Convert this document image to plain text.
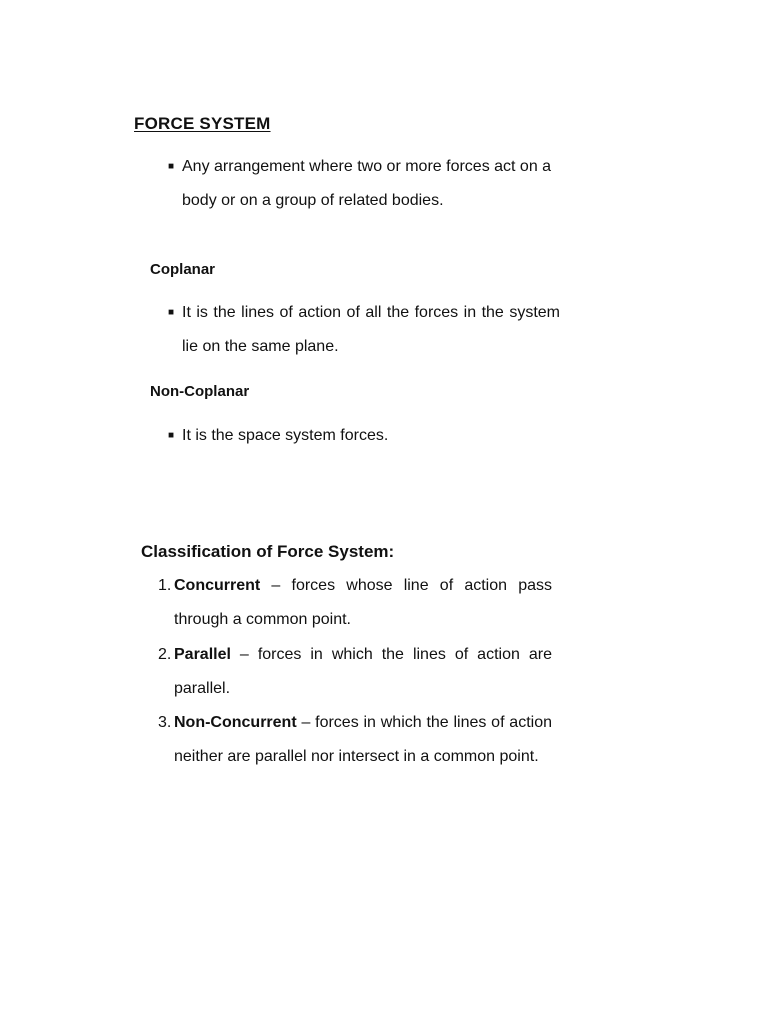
FORCE SYSTEM
■ Any arrangement where two or more forces act on a body or on a group of related bodies.
Coplanar
■ It is the lines of action of all the forces in the system lie on the same plane.
Non-Coplanar
■ It is the space system forces.
Classification of Force System:
1. Concurrent – forces whose line of action pass through a common point.
2. Parallel – forces in which the lines of action are parallel.
3. Non-Concurrent – forces in which the lines of action neither are parallel nor intersect in a common point.
